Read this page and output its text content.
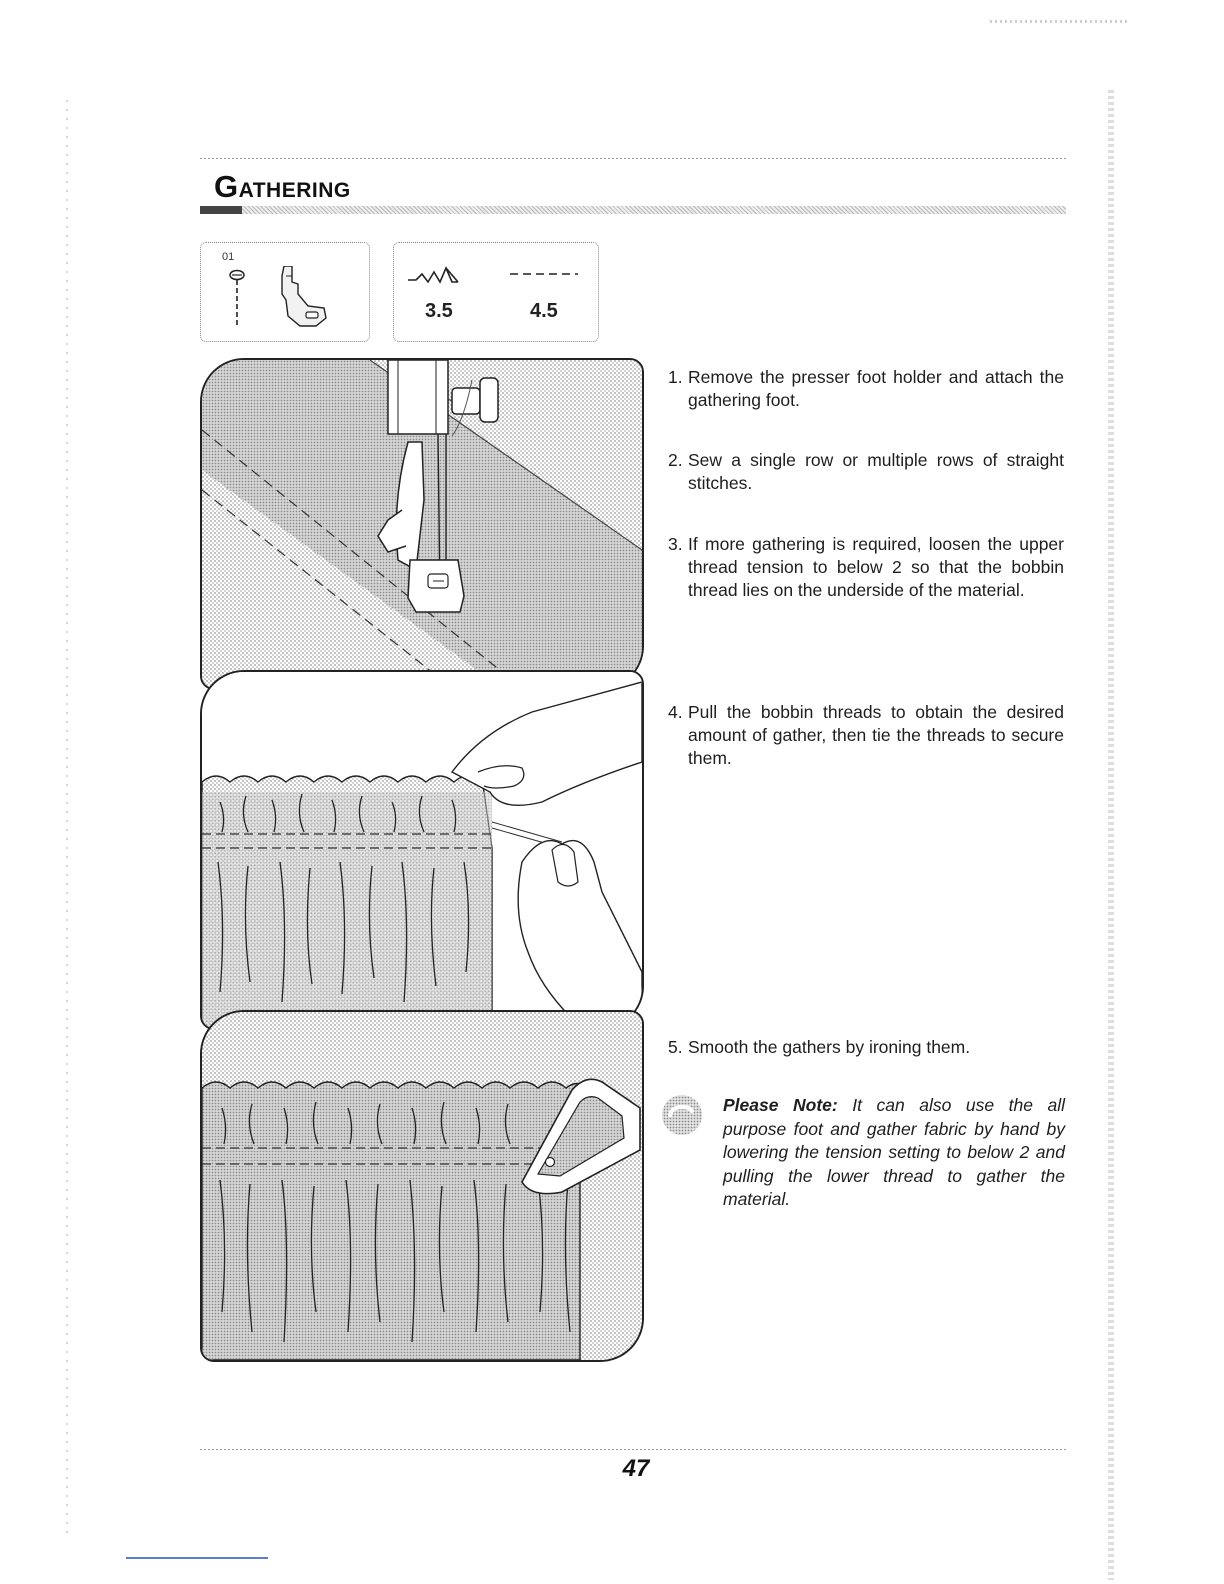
GATHERING
01
3.5	4.5
1. Remove the presser foot holder and attach the gathering foot.
2. Sew a single row or multiple rows of straight stitches.
3. If more gathering is required, loosen the upper thread tension to below 2 so that the bobbin thread lies on the underside of the material.
4. Pull the bobbin threads to obtain the desired amount of gather, then tie the threads to secure them.
5. Smooth the gathers by ironing them.
Please Note: It can also use the all purpose foot and gather fabric by hand by lowering the tension setting to below 2 and pulling the lower thread to gather the material.
47
